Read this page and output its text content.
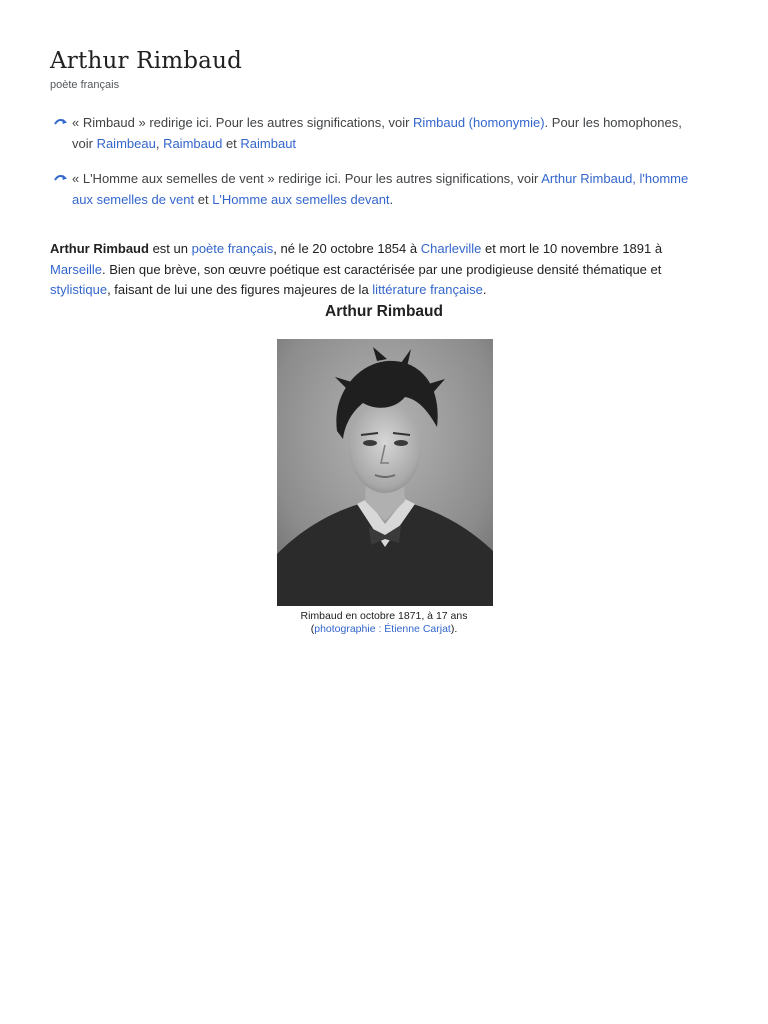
Arthur Rimbaud
poète français
« Rimbaud » redirige ici. Pour les autres significations, voir Rimbaud (homonymie). Pour les homophones, voir Raimbeau, Raimbaud et Raimbaut
« L'Homme aux semelles de vent » redirige ici. Pour les autres significations, voir Arthur Rimbaud, l'homme aux semelles de vent et L'Homme aux semelles devant.

Arthur Rimbaud est un poète français, né le 20 octobre 1854 à Charleville et mort le 10 novembre 1891 à Marseille. Bien que brève, son œuvre poétique est caractérisée par une prodigieuse densité thématique et stylistique, faisant de lui une des figures majeures de la littérature française.

Arthur Rimbaud
Rimbaud en octobre 1871, à 17 ans
(photographie : Étienne Carjat).
